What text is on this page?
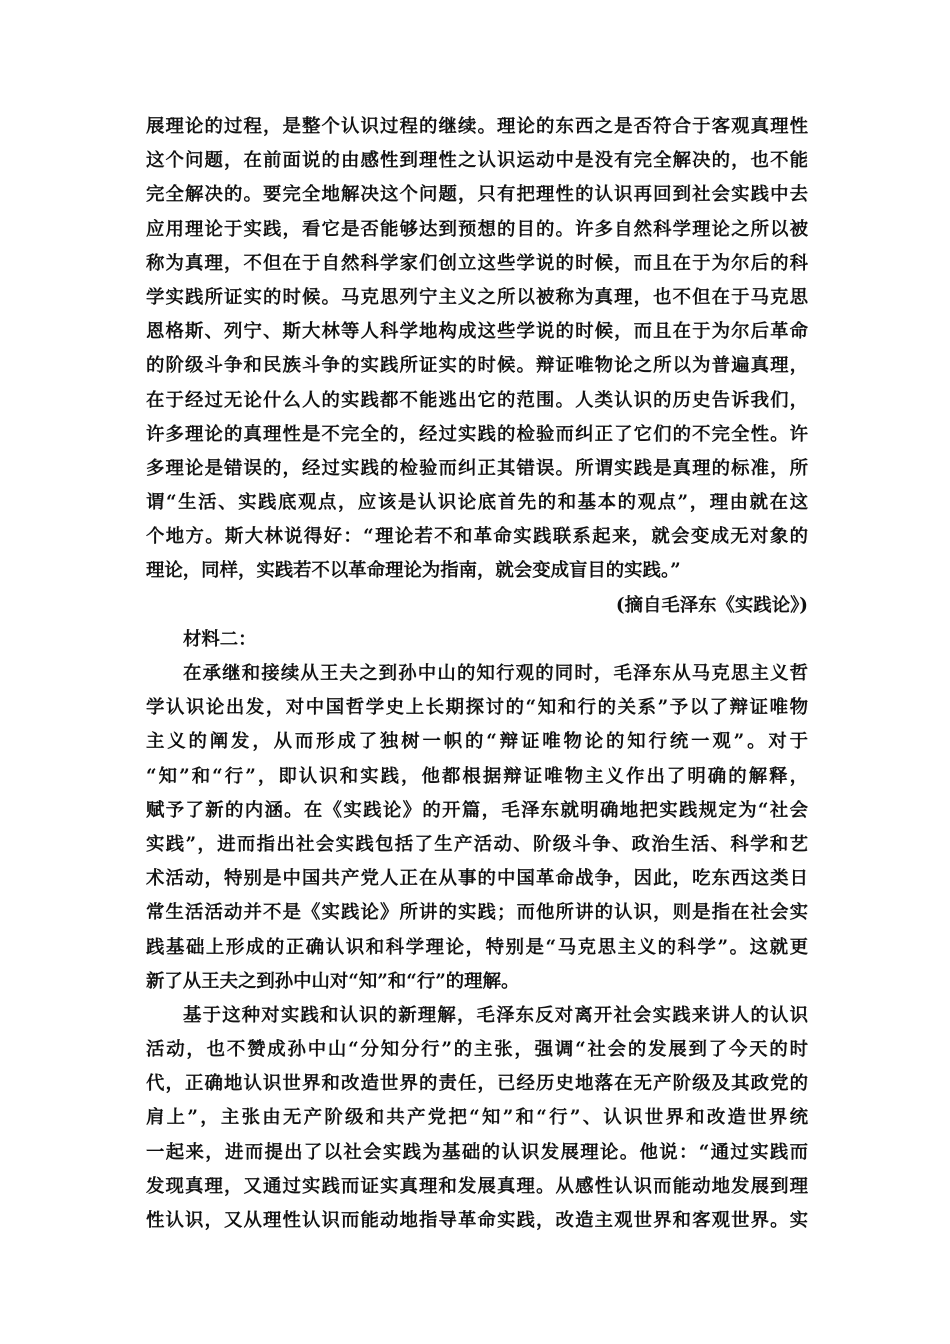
展理论的过程，是整个认识过程的继续。理论的东西之是否符合于客观真理性
这个问题，在前面说的由感性到理性之认识运动中是没有完全解决的，也不能
完全解决的。要完全地解决这个问题，只有把理性的认识再回到社会实践中去
应用理论于实践，看它是否能够达到预想的目的。许多自然科学理论之所以被
称为真理，不但在于自然科学家们创立这些学说的时候，而且在于为尔后的科
学实践所证实的时候。马克思列宁主义之所以被称为真理，也不但在于马克思
恩格斯、列宁、斯大林等人科学地构成这些学说的时候，而且在于为尔后革命
的阶级斗争和民族斗争的实践所证实的时候。辩证唯物论之所以为普遍真理，
在于经过无论什么人的实践都不能逃出它的范围。人类认识的历史告诉我们，
许多理论的真理性是不完全的，经过实践的检验而纠正了它们的不完全性。许
多理论是错误的，经过实践的检验而纠正其错误。所谓实践是真理的标准，所
谓“生活、实践底观点，应该是认识论底首先的和基本的观点”，理由就在这
个地方。斯大林说得好：“理论若不和革命实践联系起来，就会变成无对象的
理论，同样，实践若不以革命理论为指南，就会变成盲目的实践。”
(摘自毛泽东《实践论》)
材料二：
在承继和接续从王夫之到孙中山的知行观的同时，毛泽东从马克思主义哲
学认识论出发，对中国哲学史上长期探讨的“知和行的关系”予以了辩证唯物
主义的阐发，从而形成了独树一帜的“辩证唯物论的知行统一观”。对于
“知”和“行”，即认识和实践，他都根据辩证唯物主义作出了明确的解释，
赋予了新的内涵。在《实践论》的开篇，毛泽东就明确地把实践规定为“社会
实践”，进而指出社会实践包括了生产活动、阶级斗争、政治生活、科学和艺
术活动，特别是中国共产党人正在从事的中国革命战争，因此，吃东西这类日
常生活活动并不是《实践论》所讲的实践；而他所讲的认识，则是指在社会实
践基础上形成的正确认识和科学理论，特别是“马克思主义的科学”。这就更
新了从王夫之到孙中山对“知”和“行”的理解。
基于这种对实践和认识的新理解，毛泽东反对离开社会实践来讲人的认识
活动，也不赞成孙中山“分知分行”的主张，强调“社会的发展到了今天的时
代，正确地认识世界和改造世界的责任，已经历史地落在无产阶级及其政党的
肩上”，主张由无产阶级和共产党把“知”和“行”、认识世界和改造世界统
一起来，进而提出了以社会实践为基础的认识发展理论。他说：“通过实践而
发现真理，又通过实践而证实真理和发展真理。从感性认识而能动地发展到理
性认识，又从理性认识而能动地指导革命实践，改造主观世界和客观世界。实
